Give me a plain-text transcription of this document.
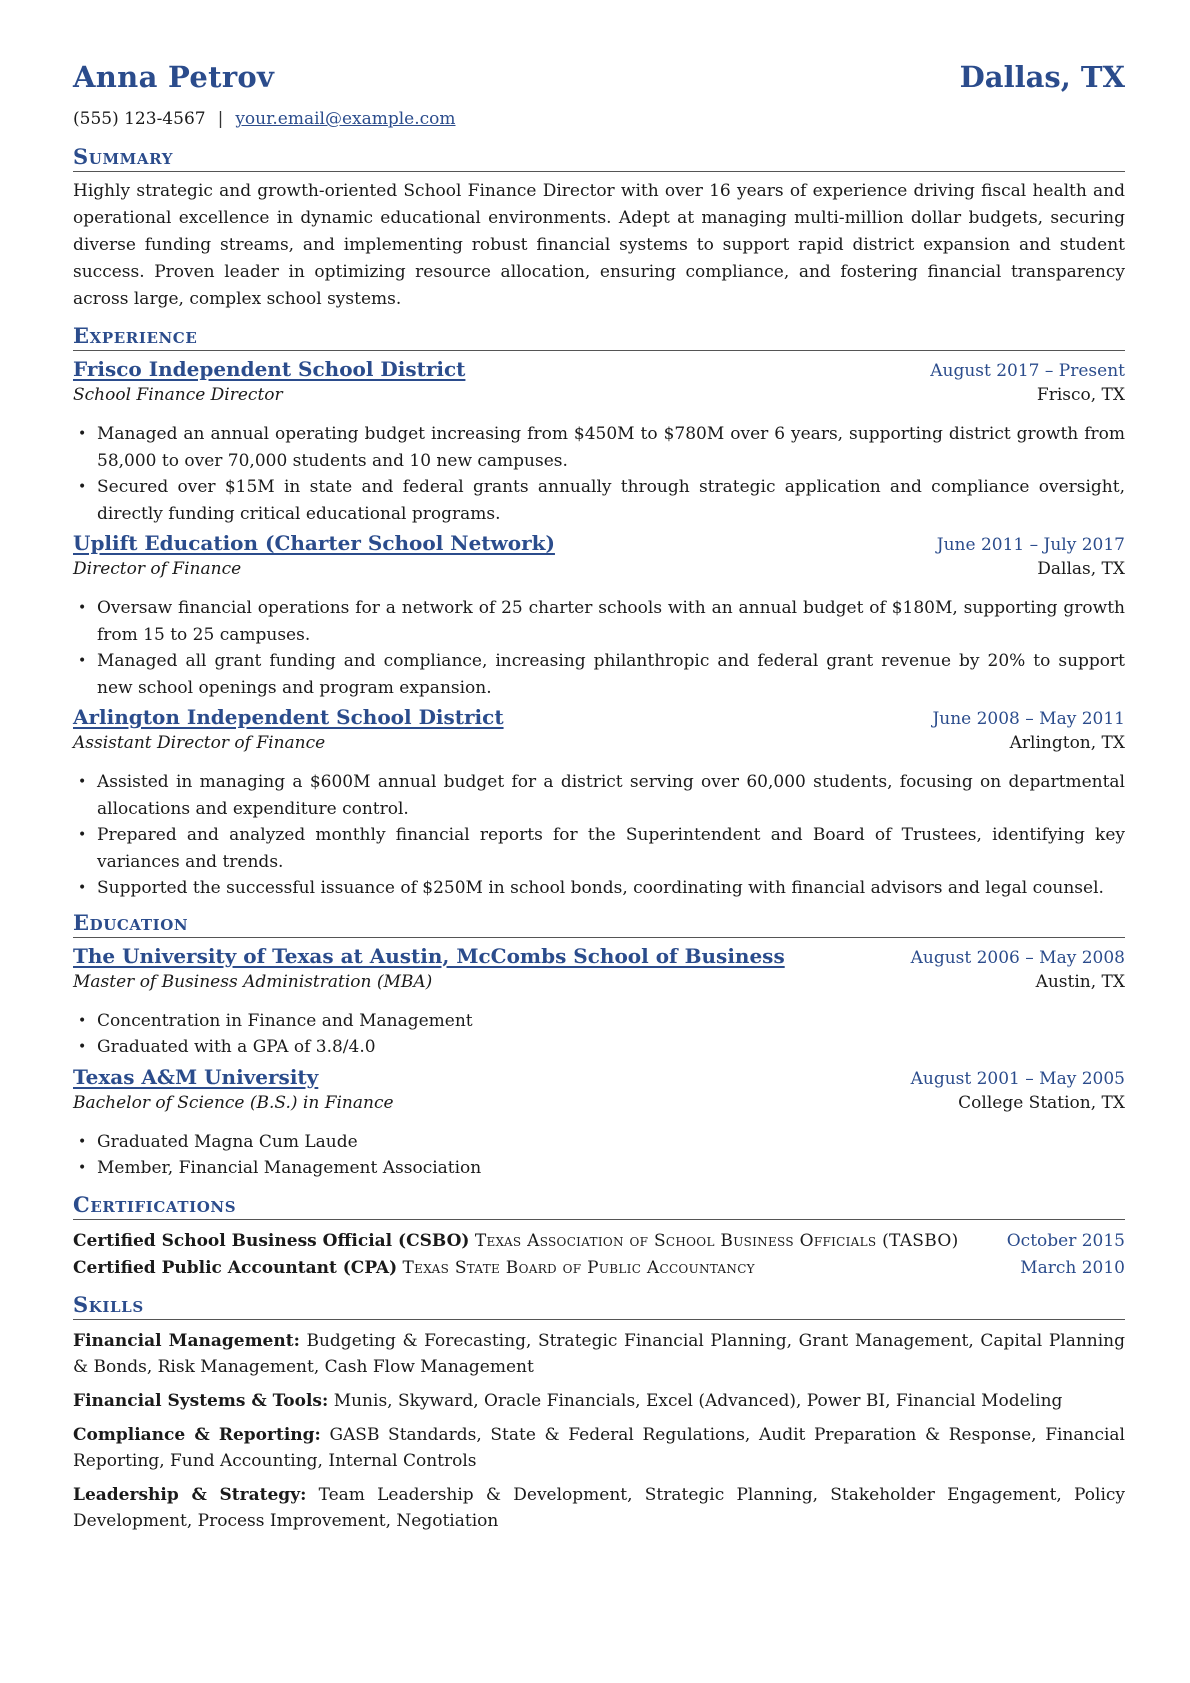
Anna Petrov	Dallas, TX
(555) 123-4567 | your.email@example.com
Summary

Highly strategic and growth-oriented School Finance Director with over 16 years of experience driving fiscal health and operational excellence in dynamic educational environments. Adept at managing multi-million dollar budgets, securing diverse funding streams, and implementing robust financial systems to support rapid district expansion and student success. Proven leader in optimizing resource allocation, ensuring compliance, and fostering financial transparency across large, complex school systems.

Experience
Frisco Independent School District	August 2017 – Present
School Finance Director	Frisco, TX
• Managed an annual operating budget increasing from $450M to $780M over 6 years, supporting district growth from 58,000 to over 70,000 students and 10 new campuses.
• Secured over $15M in state and federal grants annually through strategic application and compliance oversight, directly funding critical educational programs.
Uplift Education (Charter School Network)	June 2011 – July 2017
Director of Finance	Dallas, TX
• Oversaw financial operations for a network of 25 charter schools with an annual budget of $180M, supporting growth from 15 to 25 campuses.
• Managed all grant funding and compliance, increasing philanthropic and federal grant revenue by 20% to support new school openings and program expansion.
Arlington Independent School District	June 2008 – May 2011
Assistant Director of Finance	Arlington, TX
• Assisted in managing a $600M annual budget for a district serving over 60,000 students, focusing on departmental allocations and expenditure control.
• Prepared and analyzed monthly financial reports for the Superintendent and Board of Trustees, identifying key variances and trends.
• Supported the successful issuance of $250M in school bonds, coordinating with financial advisors and legal counsel.
Education
The University of Texas at Austin, McCombs School of Business	August 2006 – May 2008
Master of Business Administration (MBA)	Austin, TX
• Concentration in Finance and Management
• Graduated with a GPA of 3.8/4.0
Texas A&M University	August 2001 – May 2005
Bachelor of Science (B.S.) in Finance	College Station, TX
• Graduated Magna Cum Laude
• Member, Financial Management Association
Certifications
Certified School Business Official (CSBO) Texas Association of School Business Officials (TASBO)	October 2015
Certified Public Accountant (CPA) Texas State Board of Public Accountancy	March 2010
Skills

Financial Management: Budgeting & Forecasting, Strategic Financial Planning, Grant Management, Capital Planning & Bonds, Risk Management, Cash Flow Management

Financial Systems & Tools: Munis, Skyward, Oracle Financials, Excel (Advanced), Power BI, Financial Modeling

Compliance & Reporting: GASB Standards, State & Federal Regulations, Audit Preparation & Response, Financial Reporting, Fund Accounting, Internal Controls

Leadership & Strategy: Team Leadership & Development, Strategic Planning, Stakeholder Engagement, Policy Development, Process Improvement, Negotiation
